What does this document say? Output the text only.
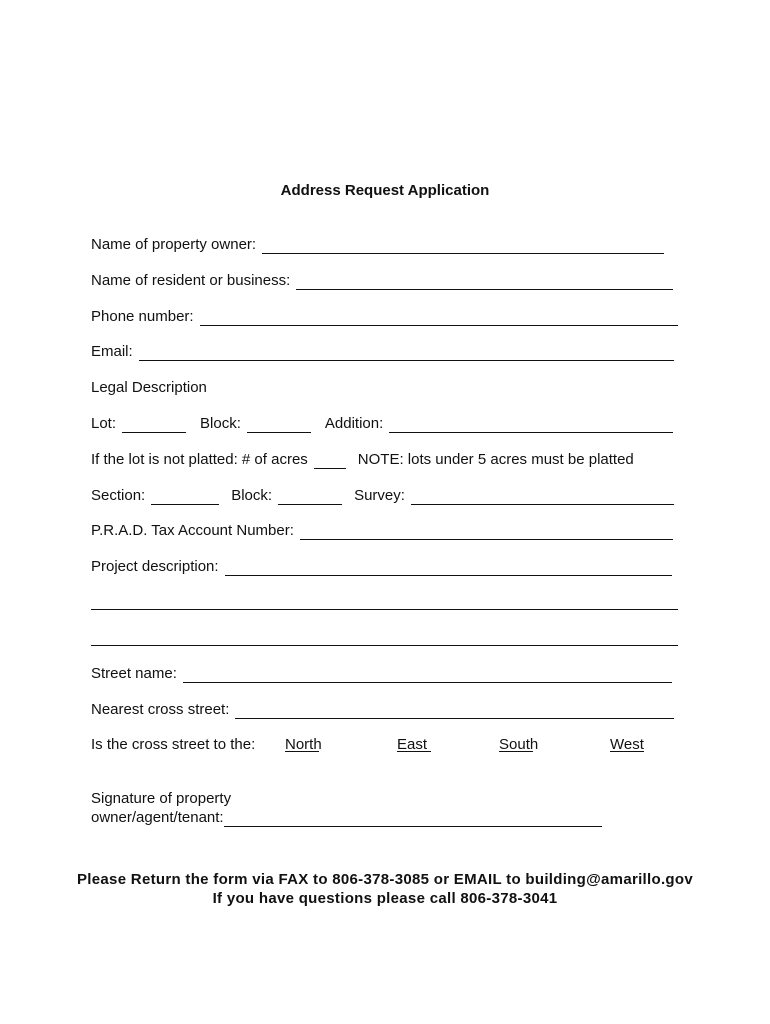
Address Request Application
Name of property owner:
Name of resident or business:
Phone number:
Email:
Legal Description
Lot:	Block:	Addition:
If the lot is not platted: # of acres	NOTE: lots under 5 acres must be platted
Section:	Block:	Survey:
P.R.A.D. Tax Account Number:
Project description:
Street name:
Nearest cross street:
Is the cross street to the:
North	East	South	West
Signature of property
owner/agent/tenant:
Please Return the form via FAX to 806-378-3085 or EMAIL to building@amarillo.gov
If you have questions please call 806-378-3041
